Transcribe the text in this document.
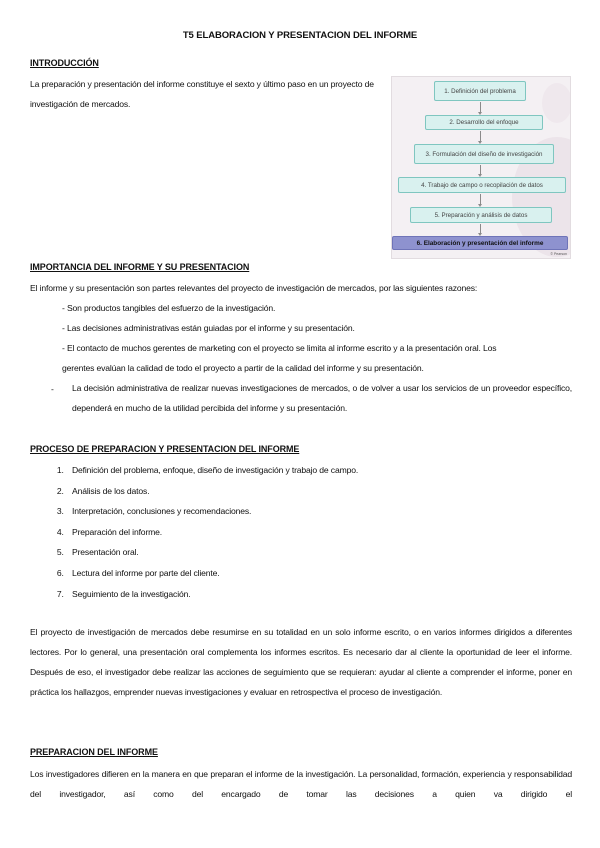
T5 ELABORACION Y PRESENTACION DEL INFORME
INTRODUCCIÓN
La preparación y presentación del informe constituye el sexto y último paso en un proyecto de investigación de mercados.
1. Definición del problema
2. Desarrollo del enfoque
3. Formulación del diseño de investigación
4. Trabajo de campo o recopilación de datos
5. Preparación y análisis de datos
6. Elaboración y presentación del informe
© Pearson
IMPORTANCIA DEL INFORME Y SU PRESENTACION
El informe y su presentación son partes relevantes del proyecto de investigación de mercados, por las siguientes razones:
- Son productos tangibles del esfuerzo de la investigación.
- Las decisiones administrativas están guiadas por el informe y su presentación.
- El contacto de muchos gerentes de marketing con el proyecto se limita al informe escrito y a la presentación oral. Los gerentes evalúan la calidad de todo el proyecto a partir de la calidad del informe y su presentación.
- La decisión administrativa de realizar nuevas investigaciones de mercados, o de volver a usar los servicios de un proveedor específico, dependerá en mucho de la utilidad percibida del informe y su presentación.
PROCESO DE PREPARACION Y PRESENTACION DEL INFORME
1. Definición del problema, enfoque, diseño de investigación y trabajo de campo.
2. Análisis de los datos.
3. Interpretación, conclusiones y recomendaciones.
4. Preparación del informe.
5. Presentación oral.
6. Lectura del informe por parte del cliente.
7. Seguimiento de la investigación.
El proyecto de investigación de mercados debe resumirse en su totalidad en un solo informe escrito, o en varios informes dirigidos a diferentes lectores. Por lo general, una presentación oral complementa los informes escritos. Es necesario dar al cliente la oportunidad de leer el informe. Después de eso, el investigador debe realizar las acciones de seguimiento que se requieran: ayudar al cliente a comprender el informe, poner en práctica los hallazgos, emprender nuevas investigaciones y evaluar en retrospectiva el proceso de investigación.
PREPARACION DEL INFORME
Los investigadores difieren en la manera en que preparan el informe de la investigación. La personalidad, formación, experiencia y responsabilidad del investigador, así como del encargado de tomar las decisiones a quien va dirigido el
